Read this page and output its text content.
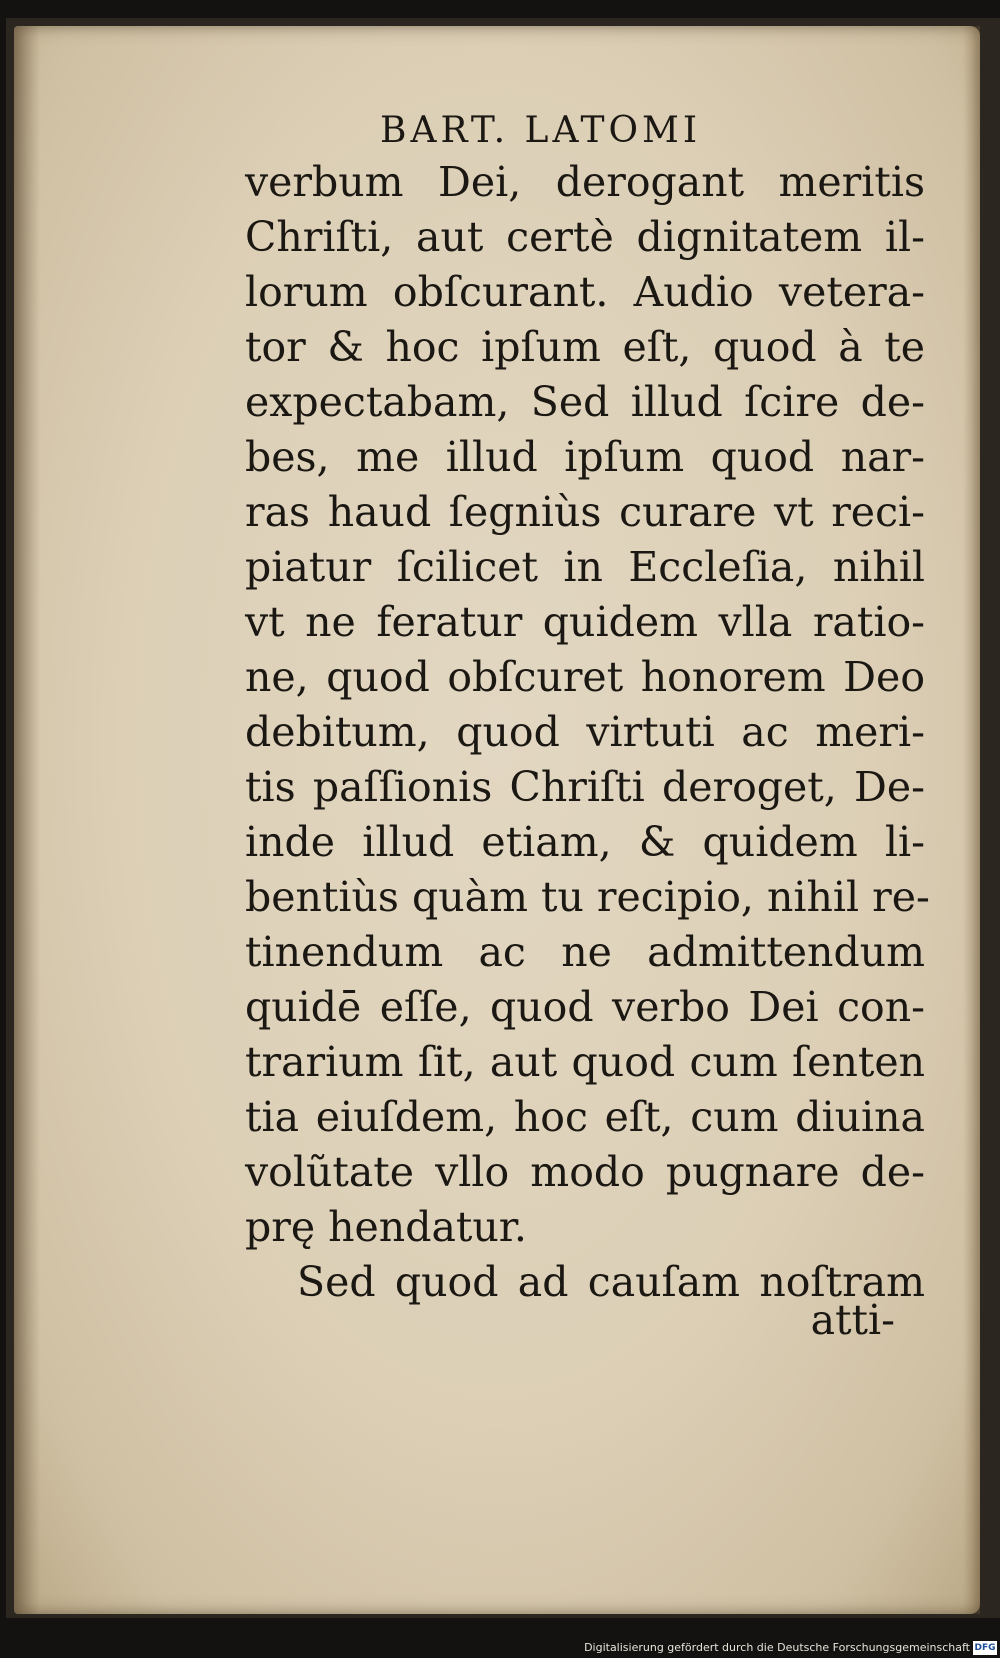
BART. LATOMI
verbum Dei, derogant meritis
Chriſti, aut certè dignitatem il-
lorum obſcurant. Audio vetera-
tor & hoc ipſum eſt, quod à te
expectabam, Sed illud ſcire de-
bes, me illud ipſum quod nar-
ras haud ſegniùs curare vt reci-
piatur ſcilicet in Eccleſia, nihil
vt ne feratur quidem vlla ratio-
ne, quod obſcuret honorem Deo
debitum, quod virtuti ac meri-
tis paſſionis Chriſti deroget, De-
inde illud etiam, & quidem li-
bentiùs quàm tu recipio, nihil re-
tinendum ac ne admittendum
quidē eſſe, quod verbo Dei con-
trarium ſit, aut quod cum ſenten
tia eiuſdem, hoc eſt, cum diuina
volũtate vllo modo pugnare de-
prę hendatur.
Sed quod ad cauſam noſtram
atti-
Digitalisierung gefördert durch die Deutsche Forschungsgemeinschaft DFG
